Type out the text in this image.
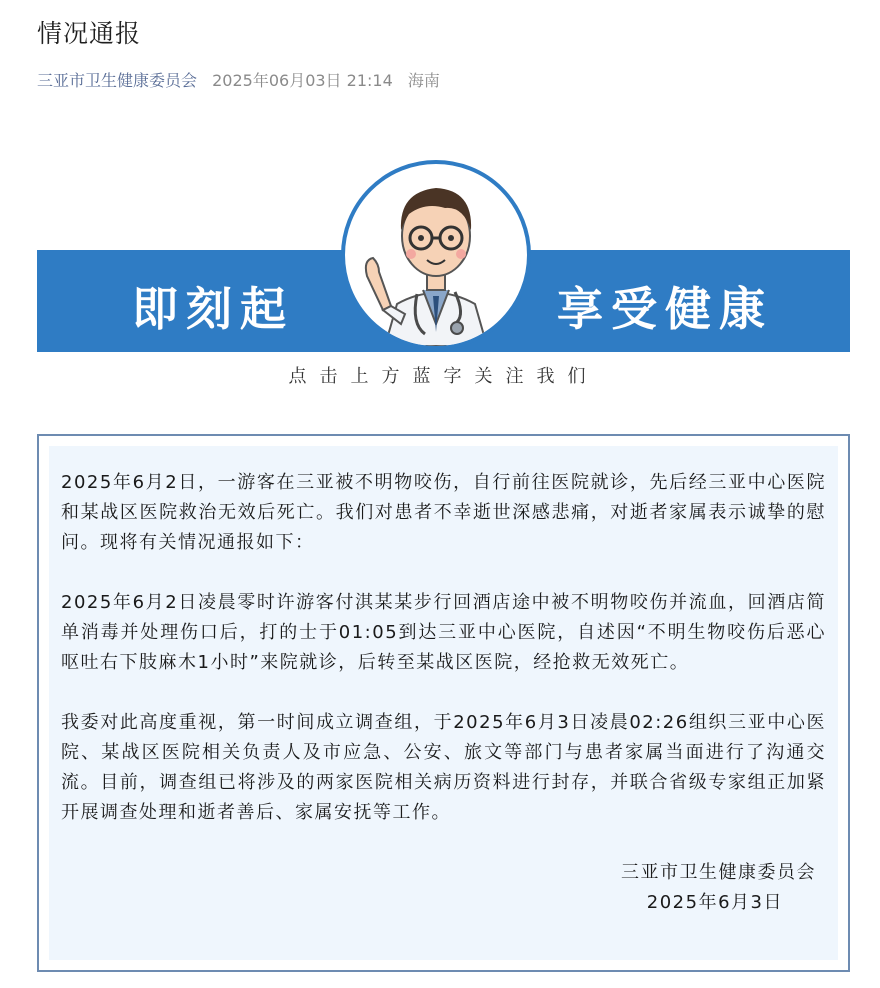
情况通报
三亚市卫生健康委员会 2025年06月03日 21:14 海南
即刻起	享受健康
点击上方蓝字关注我们

2025年6月2日，一游客在三亚被不明物咬伤，自行前往医院就诊，先后经三亚中心医院和某战区医院救治无效后死亡。我们对患者不幸逝世深感悲痛，对逝者家属表示诚挚的慰问。现将有关情况通报如下：

2025年6月2日凌晨零时许游客付淇某某步行回酒店途中被不明物咬伤并流血，回酒店简单消毒并处理伤口后，打的士于01:05到达三亚中心医院，自述因“不明生物咬伤后恶心呕吐右下肢麻木1小时”来院就诊，后转至某战区医院，经抢救无效死亡。

我委对此高度重视，第一时间成立调查组，于2025年6月3日凌晨02:26组织三亚中心医院、某战区医院相关负责人及市应急、公安、旅文等部门与患者家属当面进行了沟通交流。目前，调查组已将涉及的两家医院相关病历资料进行封存，并联合省级专家组正加紧开展调查处理和逝者善后、家属安抚等工作。

三亚市卫生健康委员会
2025年6月3日
